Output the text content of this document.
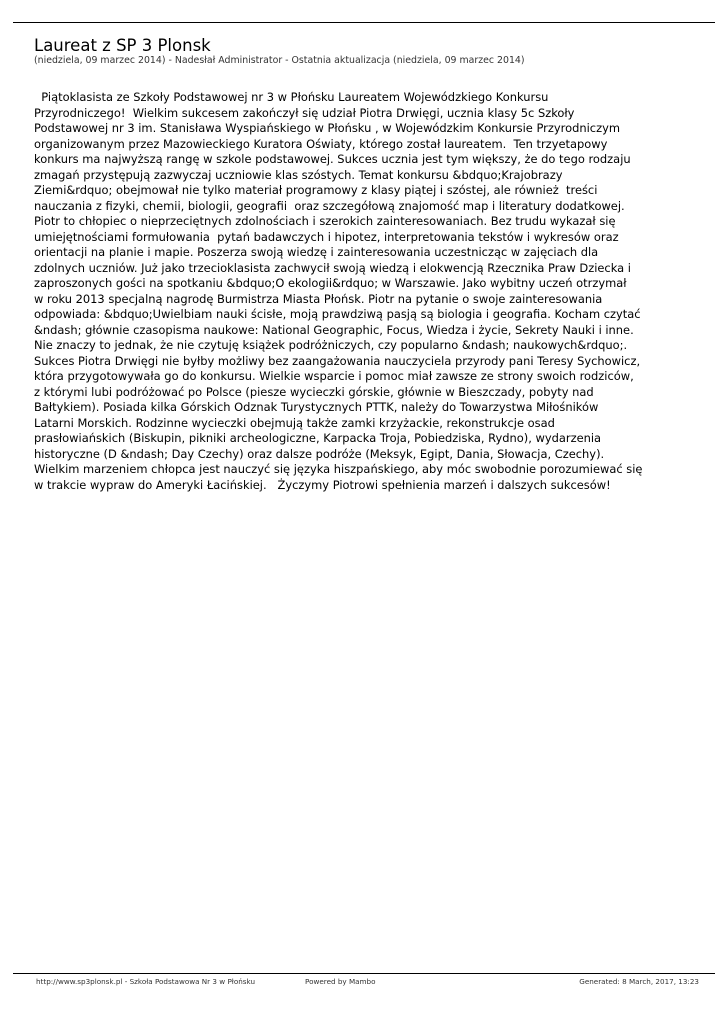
Laureat z SP 3 Plonsk
(niedziela, 09 marzec 2014) - Nadesłał Administrator - Ostatnia aktualizacja (niedziela, 09 marzec 2014)
Piątoklasista ze Szkoły Podstawowej nr 3 w Płońsku Laureatem Wojewódzkiego Konkursu
Przyrodniczego!  Wielkim sukcesem zakończył się udział Piotra Drwięgi, ucznia klasy 5c Szkoły
Podstawowej nr 3 im. Stanisława Wyspiańskiego w Płońsku , w Wojewódzkim Konkursie Przyrodniczym
organizowanym przez Mazowieckiego Kuratora Oświaty, którego został laureatem.  Ten trzyetapowy
konkurs ma najwyższą rangę w szkole podstawowej. Sukces ucznia jest tym większy, że do tego rodzaju
zmagań przystępują zazwyczaj uczniowie klas szóstych. Temat konkursu &bdquo;Krajobrazy
Ziemi&rdquo; obejmował nie tylko materiał programowy z klasy piątej i szóstej, ale również  treści
nauczania z fizyki, chemii, biologii, geografii  oraz szczegółową znajomość map i literatury dodatkowej.
Piotr to chłopiec o nieprzeciętnych zdolnościach i szerokich zainteresowaniach. Bez trudu wykazał się
umiejętnościami formułowania  pytań badawczych i hipotez, interpretowania tekstów i wykresów oraz
orientacji na planie i mapie. Poszerza swoją wiedzę i zainteresowania uczestnicząc w zajęciach dla
zdolnych uczniów. Już jako trzecioklasista zachwycił swoją wiedzą i elokwencją Rzecznika Praw Dziecka i
zaproszonych gości na spotkaniu &bdquo;O ekologii&rdquo; w Warszawie. Jako wybitny uczeń otrzymał
w roku 2013 specjalną nagrodę Burmistrza Miasta Płońsk. Piotr na pytanie o swoje zainteresowania
odpowiada: &bdquo;Uwielbiam nauki ścisłe, moją prawdziwą pasją są biologia i geografia. Kocham czytać
&ndash; głównie czasopisma naukowe: National Geographic, Focus, Wiedza i życie, Sekrety Nauki i inne.
Nie znaczy to jednak, że nie czytuję książek podróżniczych, czy popularno &ndash; naukowych&rdquo;.
Sukces Piotra Drwięgi nie byłby możliwy bez zaangażowania nauczyciela przyrody pani Teresy Sychowicz,
która przygotowywała go do konkursu. Wielkie wsparcie i pomoc miał zawsze ze strony swoich rodziców,
z którymi lubi podróżować po Polsce (piesze wycieczki górskie, głównie w Bieszczady, pobyty nad
Bałtykiem). Posiada kilka Górskich Odznak Turystycznych PTTK, należy do Towarzystwa Miłośników
Latarni Morskich. Rodzinne wycieczki obejmują także zamki krzyżackie, rekonstrukcje osad
prasłowiańskich (Biskupin, pikniki archeologiczne, Karpacka Troja, Pobiedziska, Rydno), wydarzenia
historyczne (D &ndash; Day Czechy) oraz dalsze podróże (Meksyk, Egipt, Dania, Słowacja, Czechy).
Wielkim marzeniem chłopca jest nauczyć się języka hiszpańskiego, aby móc swobodnie porozumiewać się
w trakcie wypraw do Ameryki Łacińskiej.   Życzymy Piotrowi spełnienia marzeń i dalszych sukcesów!
http://www.sp3plonsk.pl - Szkoła Podstawowa Nr 3 w Płońsku	Powered by Mambo	Generated: 8 March, 2017, 13:23
